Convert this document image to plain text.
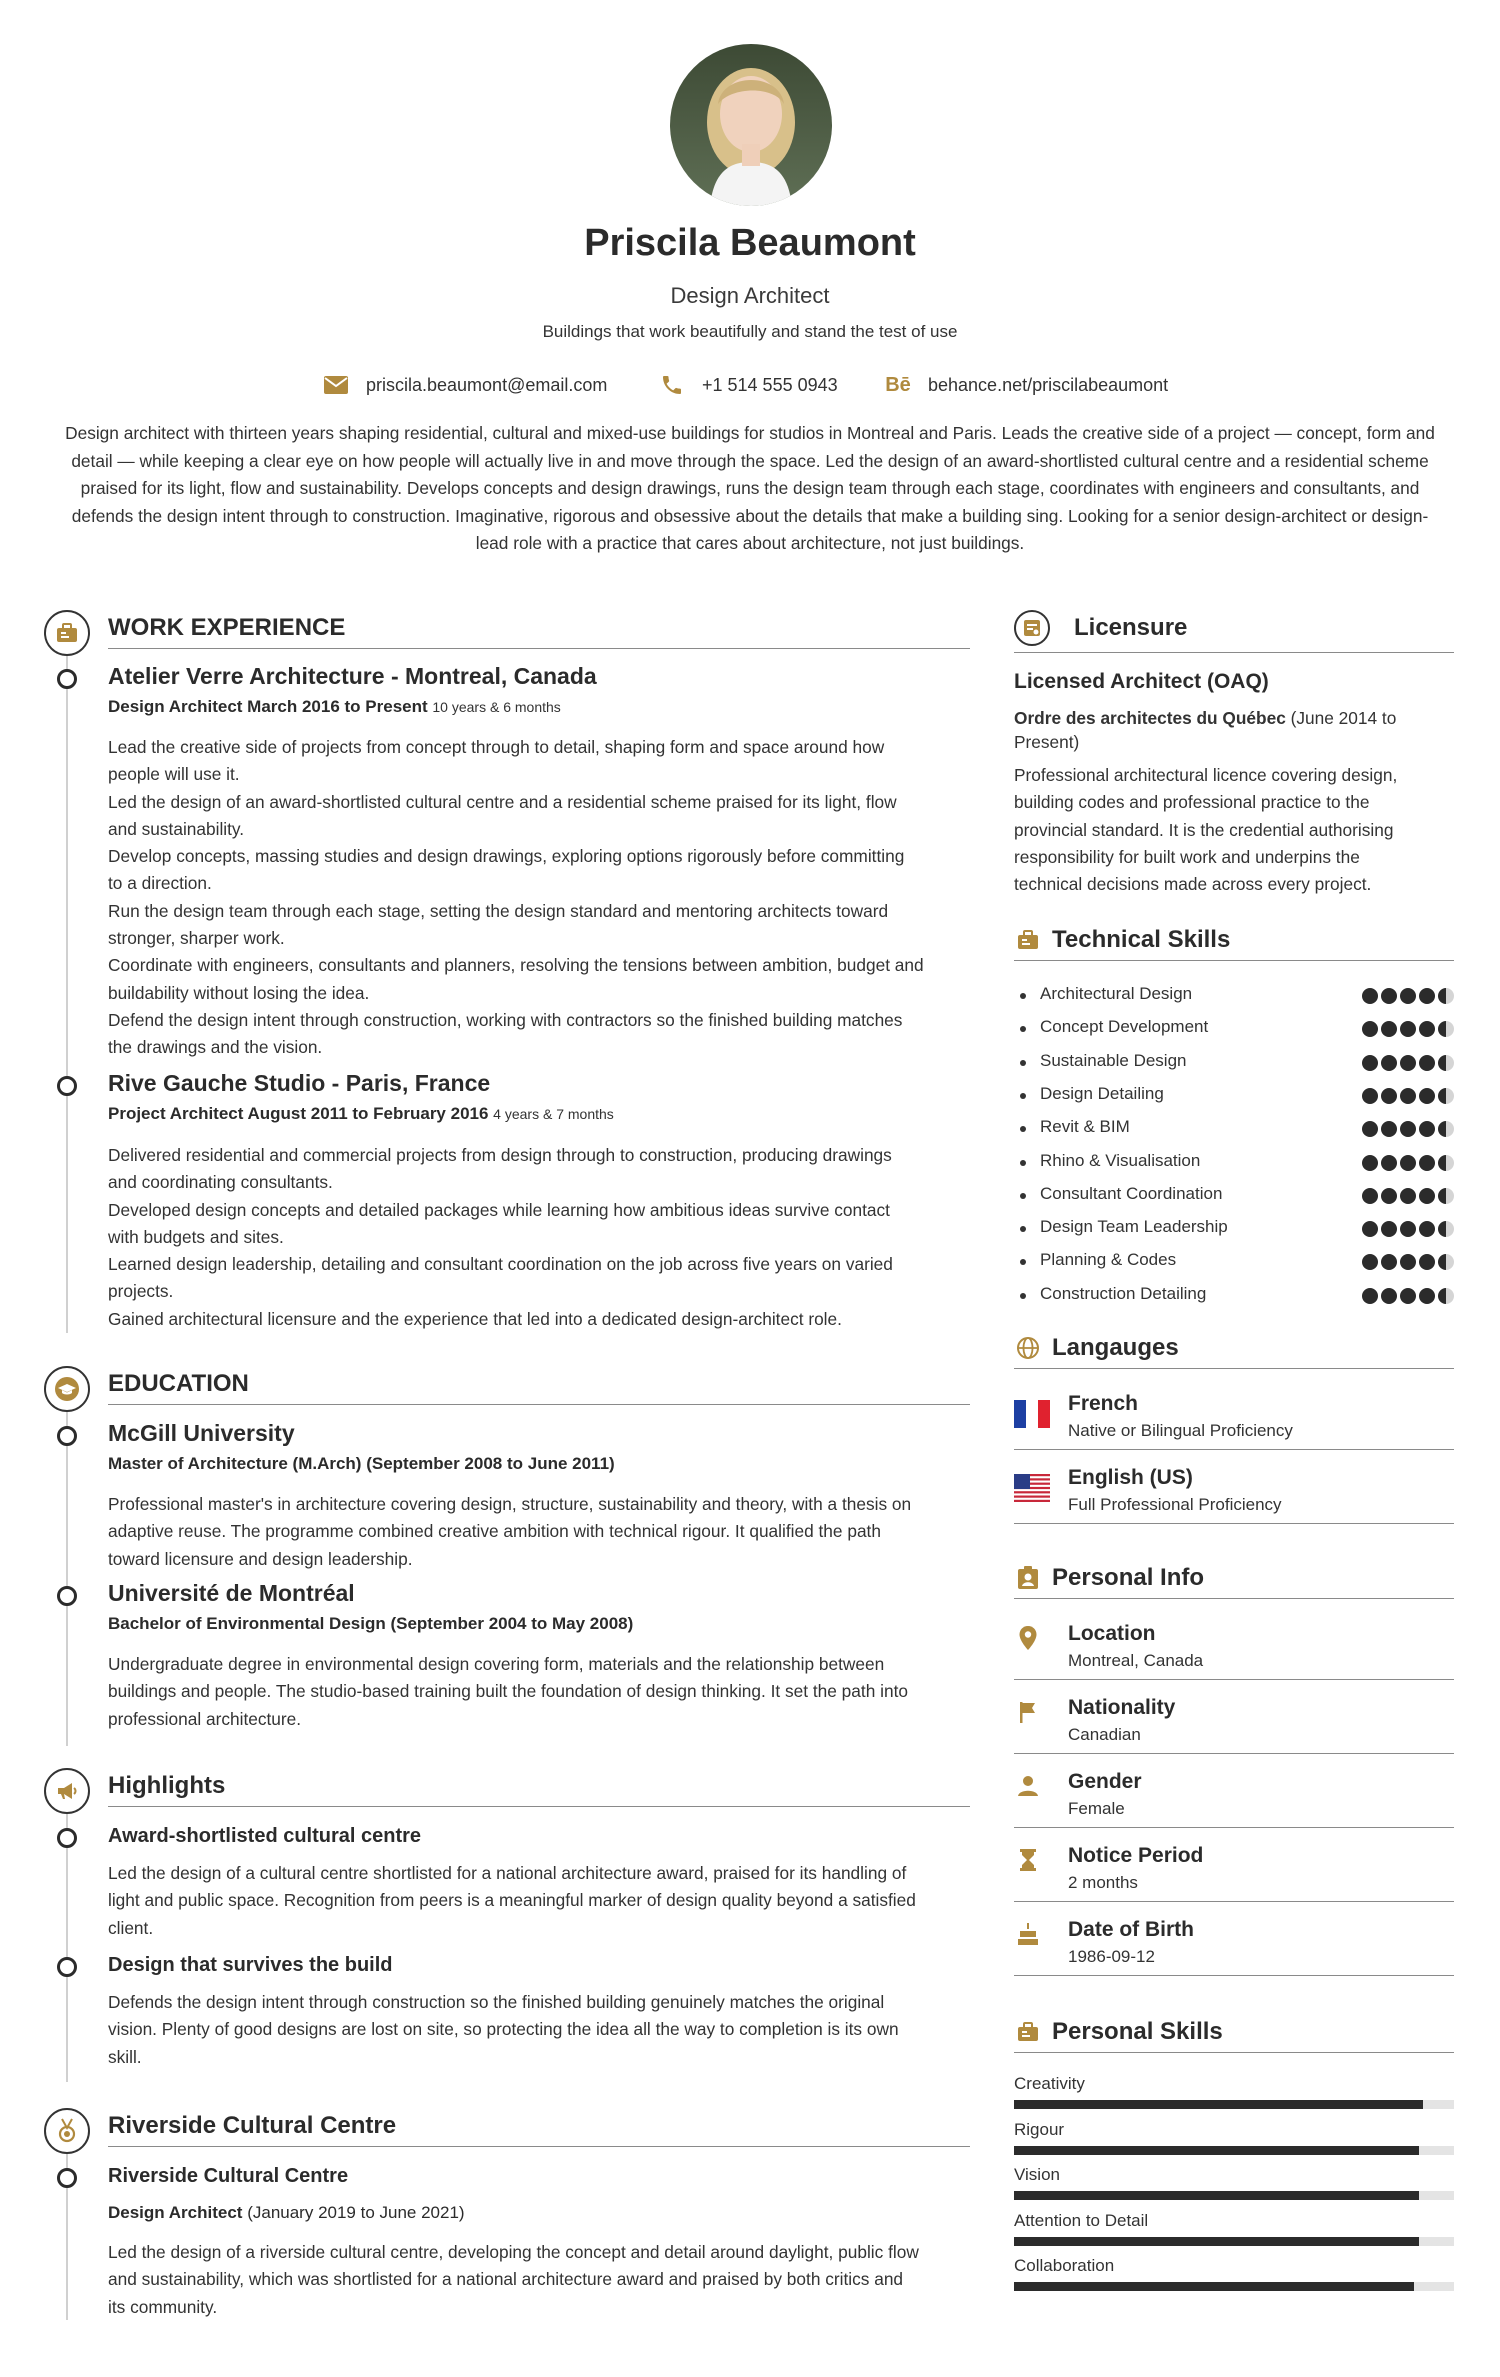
Priscila Beaumont
Design Architect
Buildings that work beautifully and stand the test of use
priscila.beaumont@email.com	+1 514 555 0943 Bē behance.net/priscilabeaumont
Design architect with thirteen years shaping residential, cultural and mixed-use buildings for studios in Montreal and Paris. Leads the creative side of a project — concept, form and detail — while keeping a clear eye on how people will actually live in and move through the space. Led the design of an award-shortlisted cultural centre and a residential scheme praised for its light, flow and sustainability. Develops concepts and design drawings, runs the design team through each stage, coordinates with engineers and consultants, and defends the design intent through to construction. Imaginative, rigorous and obsessive about the details that make a building sing. Looking for a senior design-architect or design-lead role with a practice that cares about architecture, not just buildings.
WORK EXPERIENCE
Atelier Verre Architecture - Montreal, Canada
Design Architect March 2016 to Present 10 years & 6 months
Lead the creative side of projects from concept through to detail, shaping form and space around how
people will use it.
Led the design of an award-shortlisted cultural centre and a residential scheme praised for its light, flow
and sustainability.
Develop concepts, massing studies and design drawings, exploring options rigorously before committing
to a direction.
Run the design team through each stage, setting the design standard and mentoring architects toward
stronger, sharper work.
Coordinate with engineers, consultants and planners, resolving the tensions between ambition, budget and
buildability without losing the idea.
Defend the design intent through construction, working with contractors so the finished building matches
the drawings and the vision.
Rive Gauche Studio - Paris, France
Project Architect August 2011 to February 2016 4 years & 7 months
Delivered residential and commercial projects from design through to construction, producing drawings
and coordinating consultants.
Developed design concepts and detailed packages while learning how ambitious ideas survive contact
with budgets and sites.
Learned design leadership, detailing and consultant coordination on the job across five years on varied
projects.
Gained architectural licensure and the experience that led into a dedicated design-architect role.
EDUCATION
McGill University
Master of Architecture (M.Arch) (September 2008 to June 2011)
Professional master's in architecture covering design, structure, sustainability and theory, with a thesis on
adaptive reuse. The programme combined creative ambition with technical rigour. It qualified the path
toward licensure and design leadership.
Université de Montréal
Bachelor of Environmental Design (September 2004 to May 2008)
Undergraduate degree in environmental design covering form, materials and the relationship between
buildings and people. The studio-based training built the foundation of design thinking. It set the path into
professional architecture.
Highlights
Award-shortlisted cultural centre
Led the design of a cultural centre shortlisted for a national architecture award, praised for its handling of
light and public space. Recognition from peers is a meaningful marker of design quality beyond a satisfied
client.
Design that survives the build
Defends the design intent through construction so the finished building genuinely matches the original
vision. Plenty of good designs are lost on site, so protecting the idea all the way to completion is its own
skill.
Riverside Cultural Centre
Riverside Cultural Centre
Design Architect (January 2019 to June 2021)
Led the design of a riverside cultural centre, developing the concept and detail around daylight, public flow
and sustainability, which was shortlisted for a national architecture award and praised by both critics and
its community.
Licensure
Licensed Architect (OAQ)
Ordre des architectes du Québec (June 2014 to
Present)
Professional architectural licence covering design,
building codes and professional practice to the
provincial standard. It is the credential authorising
responsibility for built work and underpins the
technical decisions made across every project.
Technical Skills
Architectural Design
Concept Development
Sustainable Design
Design Detailing
Revit & BIM
Rhino & Visualisation
Consultant Coordination
Design Team Leadership
Planning & Codes
Construction Detailing
Langauges
French
Native or Bilingual Proficiency
English (US)
Full Professional Proficiency
Personal Info
Location
Montreal, Canada
Nationality
Canadian
Gender
Female
Notice Period
2 months
Date of Birth
1986-09-12
Personal Skills
Creativity
Rigour
Vision
Attention to Detail
Collaboration
